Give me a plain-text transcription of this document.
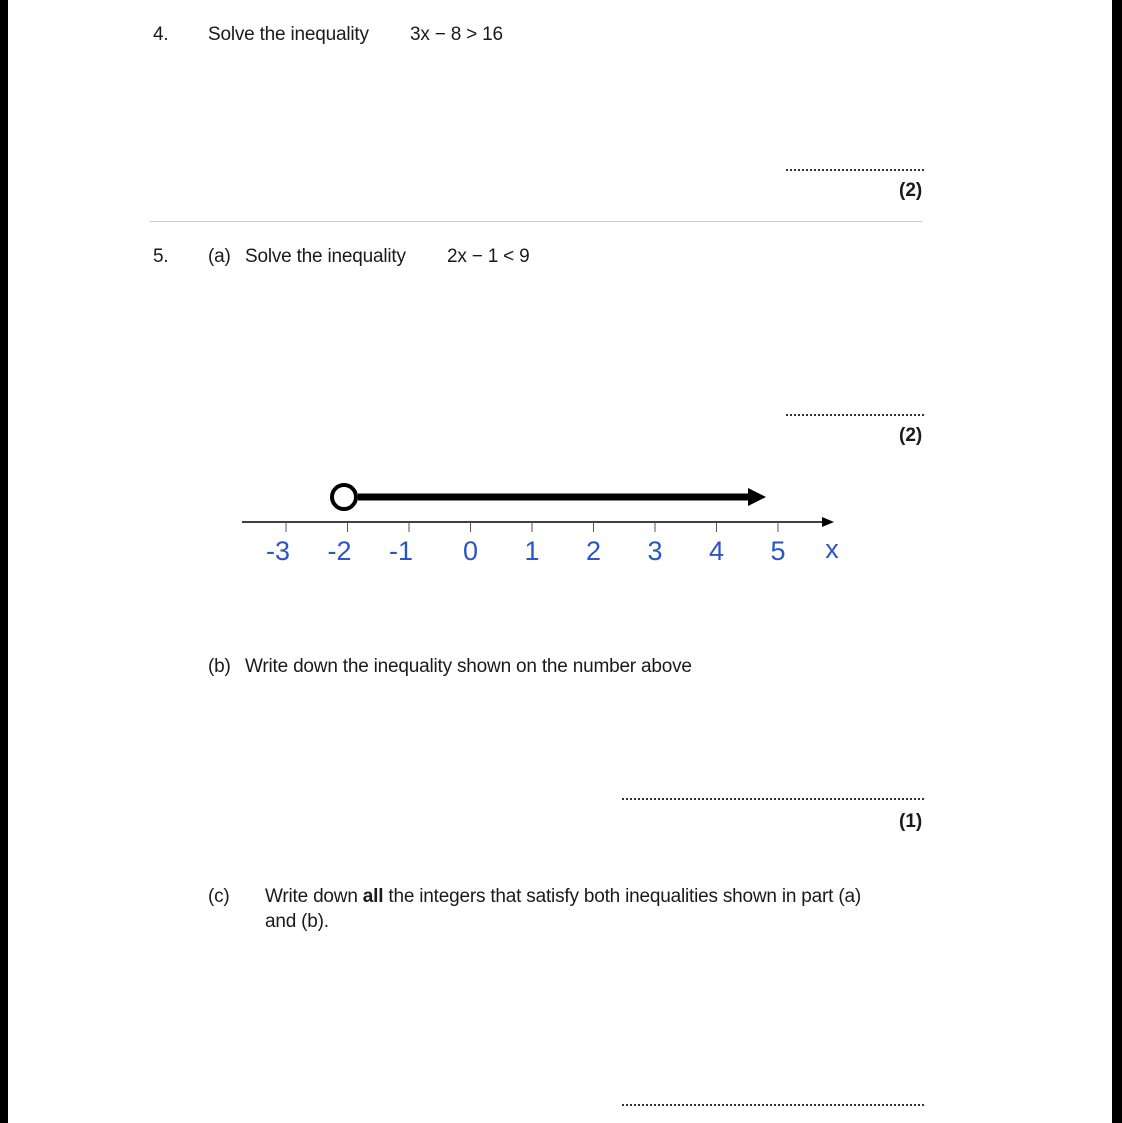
4. Solve the inequality 3x − 8 > 16
(2)
5. (a) Solve the inequality 2x − 1 < 9
(2)
-3 -2 -1 0 1 2 3 4 5 x
(b) Write down the inequality shown on the number above
(1)
(c) Write down all the integers that satisfy both inequalities shown in part (a)
and (b).
